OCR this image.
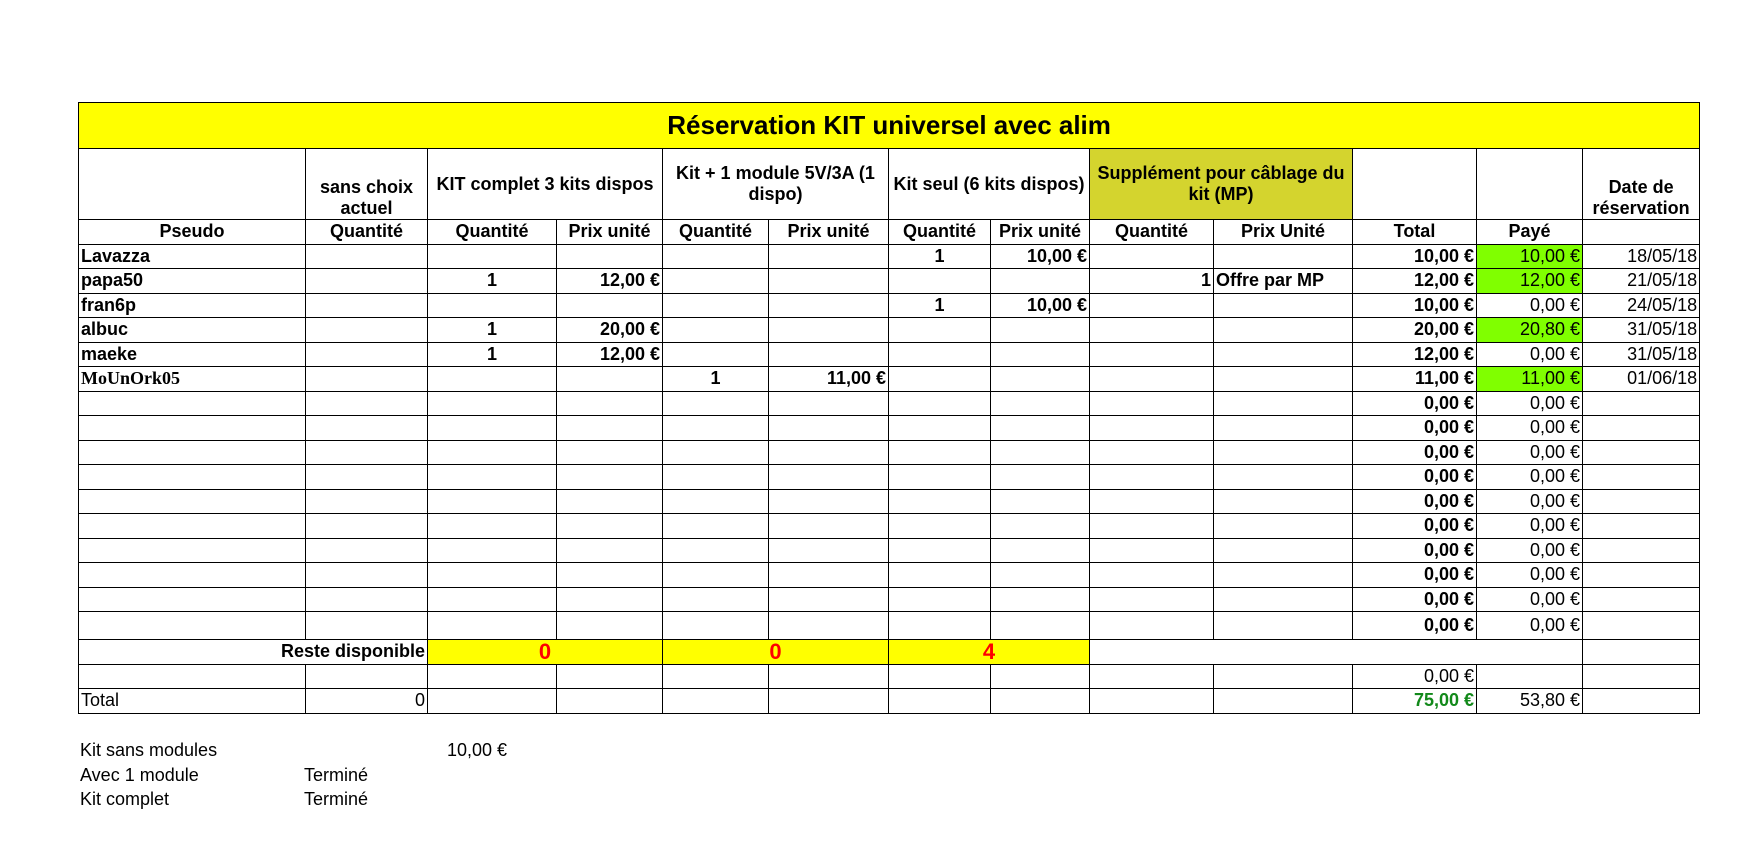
Réservation KIT universel avec alim												
	sans choix actuel	KIT complet 3 kits dispos		Kit + 1 module 5V/3A (1 dispo)		Kit seul (6 kits dispos)		Supplément pour câblage du kit (MP)				Date de réservation
Pseudo	Quantité	Quantité	Prix unité	Quantité	Prix unité	Quantité	Prix unité	Quantité	Prix Unité	Total	Payé	
Lavazza						1	10,00 €			10,00 €	10,00 €	18/05/18
papa50		1	12,00 €					1	Offre par MP	12,00 €	12,00 €	21/05/18
fran6p						1	10,00 €			10,00 €	0,00 €	24/05/18
albuc		1	20,00 €							20,00 €	20,80 €	31/05/18
maeke		1	12,00 €							12,00 €	0,00 €	31/05/18
MoUnOrk05				1	11,00 €					11,00 €	11,00 €	01/06/18
										0,00 €	0,00 €	
										0,00 €	0,00 €	
										0,00 €	0,00 €	
										0,00 €	0,00 €	
										0,00 €	0,00 €	
										0,00 €	0,00 €	
										0,00 €	0,00 €	
										0,00 €	0,00 €	
										0,00 €	0,00 €	
										0,00 €	0,00 €	
Reste disponible		0		0		4						
										0,00 €		
Total	0									75,00 €	53,80 €	
Kit sans modules	10,00 €
Avec 1 module	Terminé
Kit complet	Terminé
